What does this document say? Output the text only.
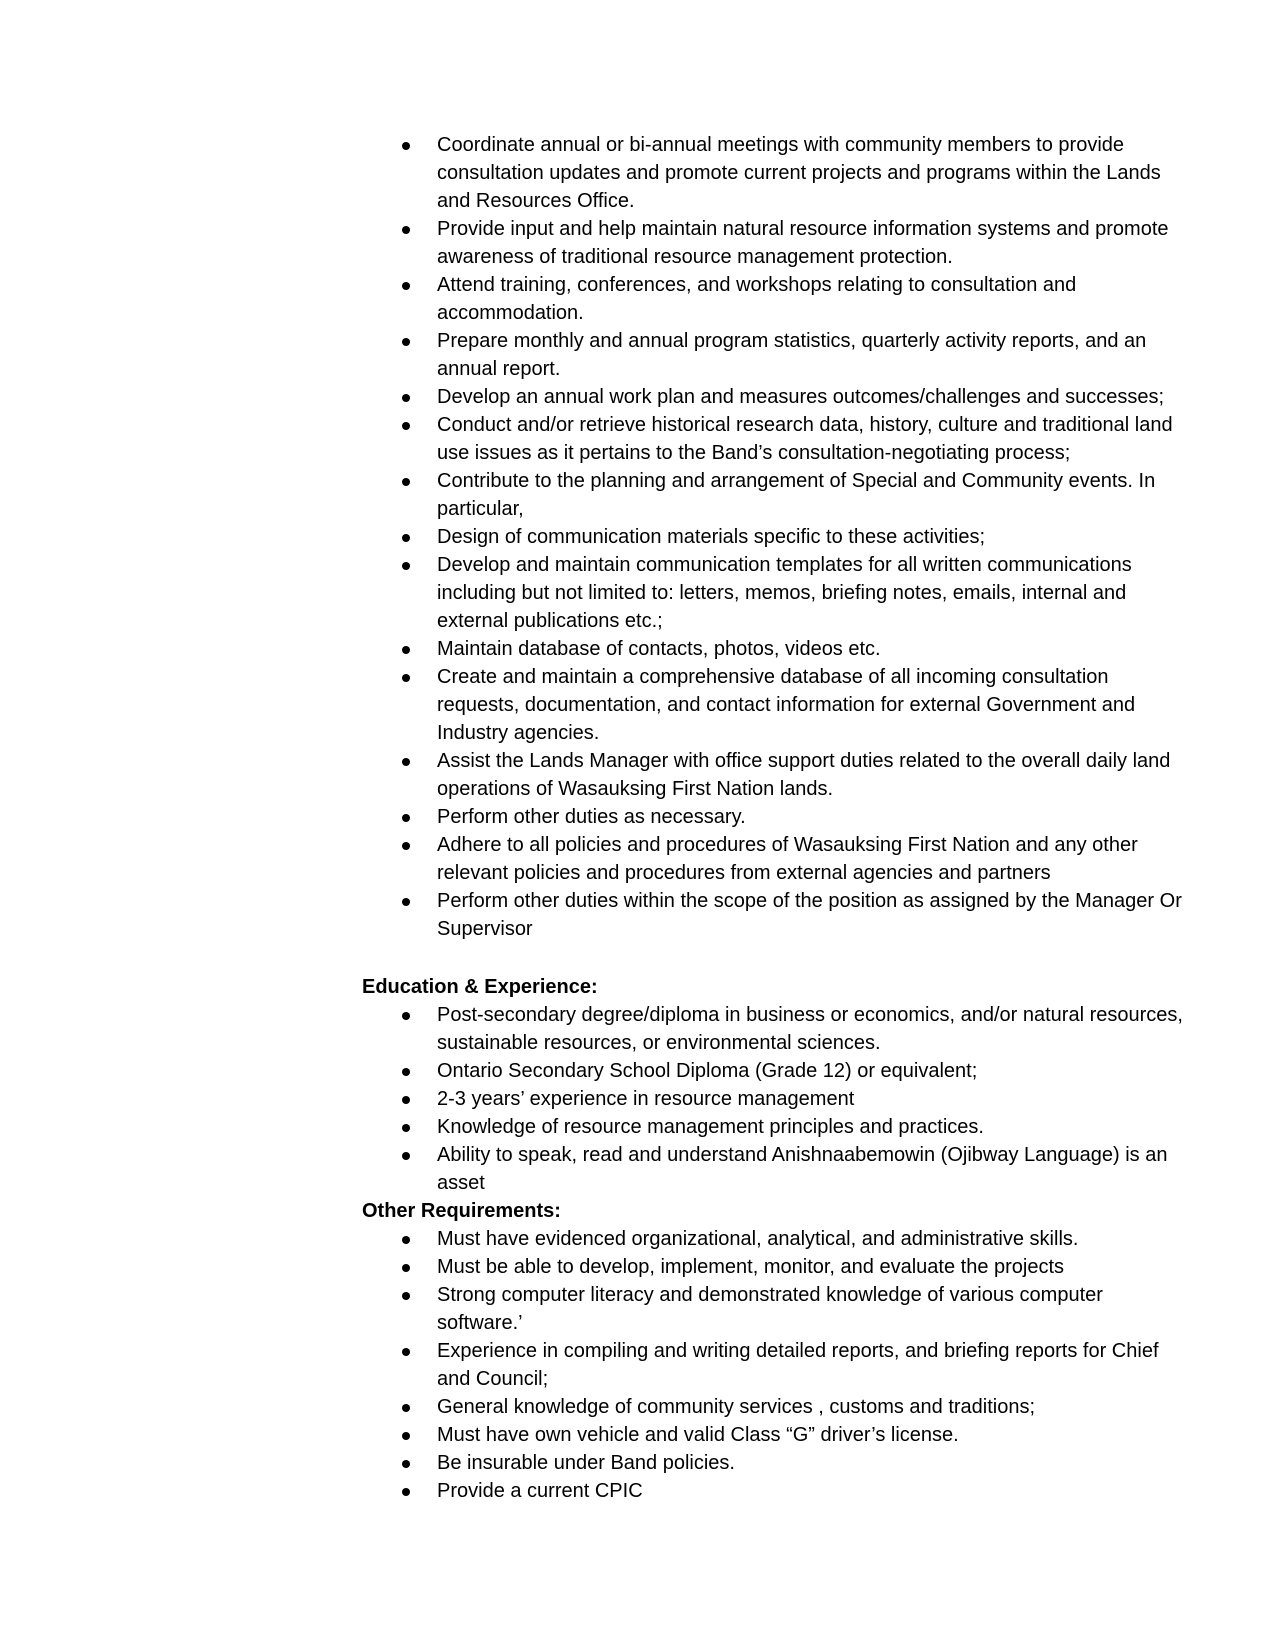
Coordinate annual or bi-annual meetings with community members to provide consultation updates and promote current projects and programs within the Lands and Resources Office.
Provide input and help maintain natural resource information systems and promote awareness of traditional resource management protection.
Attend training, conferences, and workshops relating to consultation and accommodation.
Prepare monthly and annual program statistics, quarterly activity reports, and an annual report.
Develop an annual work plan and measures outcomes/challenges and successes;
Conduct and/or retrieve historical research data, history, culture and traditional land use issues as it pertains to the Band’s consultation-negotiating process;
Contribute to the planning and arrangement of Special and Community events. In particular,
Design of communication materials specific to these activities;
Develop and maintain communication templates for all written communications including but not limited to: letters, memos, briefing notes, emails, internal and external publications etc.;
Maintain database of contacts, photos, videos etc.
Create and maintain a comprehensive database of all incoming consultation requests, documentation, and contact information for external Government and Industry agencies.
Assist the Lands Manager with office support duties related to the overall daily land operations of Wasauksing First Nation lands.
Perform other duties as necessary.
Adhere to all policies and procedures of Wasauksing First Nation and any other relevant policies and procedures from external agencies and partners
Perform other duties within the scope of the position as assigned by the Manager Or Supervisor
Education & Experience:
Post-secondary degree/diploma in business or economics, and/or natural resources, sustainable resources, or environmental sciences.
Ontario Secondary School Diploma (Grade 12) or equivalent;
2-3 years’ experience in resource management
Knowledge of resource management principles and practices.
Ability to speak, read and understand Anishnaabemowin (Ojibway Language) is an asset
Other Requirements:
Must have evidenced organizational, analytical, and administrative skills.
Must be able to develop, implement, monitor, and evaluate the projects
Strong computer literacy and demonstrated knowledge of various computer software.’
Experience in compiling and writing detailed reports, and briefing reports for Chief and Council;
General knowledge of community services , customs and traditions;
Must have own vehicle and valid Class “G” driver’s license.
Be insurable under Band policies.
Provide a current CPIC
